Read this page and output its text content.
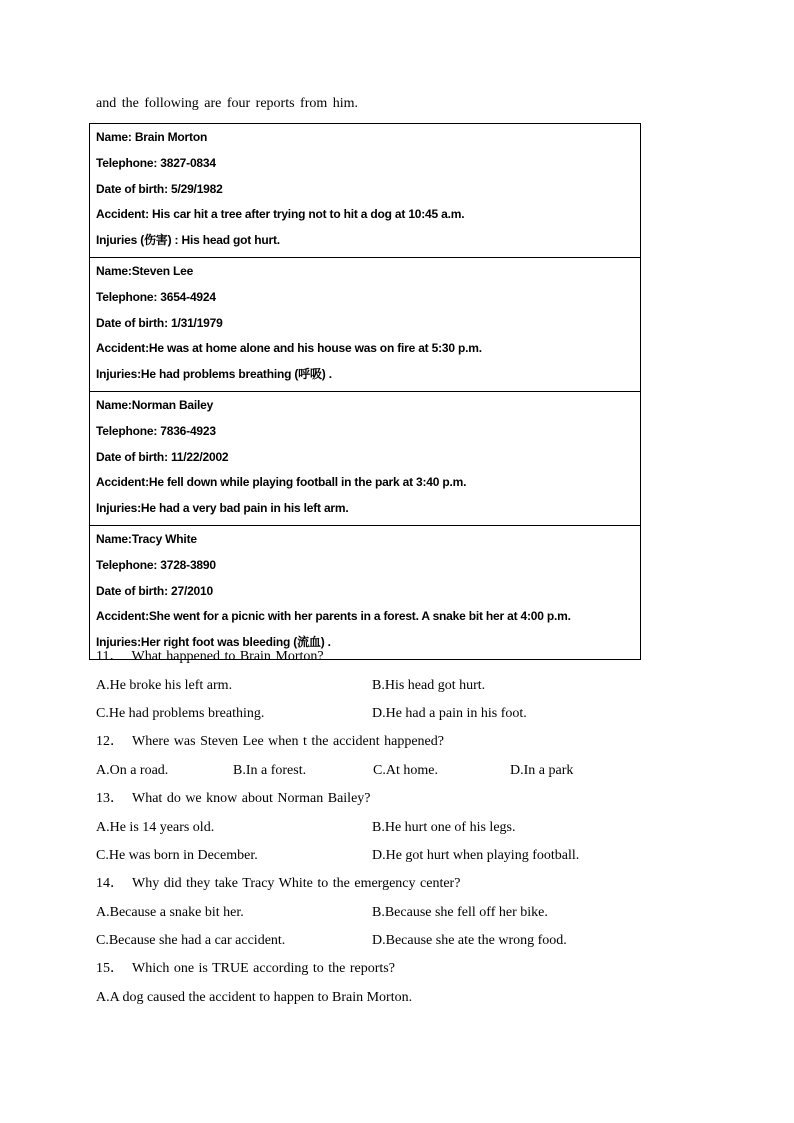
and the following are four reports from him.
Name: Brain Morton
Telephone: 3827-0834
Date of birth: 5/29/1982
Accident: His car hit a tree after trying not to hit a dog at 10:45 a.m.
Injuries (伤害) : His head got hurt.
Name:Steven Lee
Telephone: 3654-4924
Date of birth: 1/31/1979
Accident:He was at home alone and his house was on fire at 5:30 p.m.
Injuries:He had problems breathing (呼吸) .
Name:Norman Bailey
Telephone: 7836-4923
Date of birth: 11/22/2002
Accident:He fell down while playing football in the park at 3:40 p.m.
Injuries:He had a very bad pain in his left arm.
Name:Tracy White
Telephone: 3728-3890
Date of birth: 27/2010
Accident:She went for a picnic with her parents in a forest. A snake bit her at 4:00 p.m.
Injuries:Her right foot was bleeding (流血) .
11． What happened to Brain Morton?
A.He broke his left arm.	B.His head got hurt.
C.He had problems breathing.	D.He had a pain in his foot.
12． Where was Steven Lee when t the accident happened?
A.On a road.	B.In a forest.	C.At home.	D.In a park
13． What do we know about Norman Bailey?
A.He is 14 years old.	B.He hurt one of his legs.
C.He was born in December.	D.He got hurt when playing football.
14． Why did they take Tracy White to the emergency center?
A.Because a snake bit her.	B.Because she fell off her bike.
C.Because she had a car accident.	D.Because she ate the wrong food.
15． Which one is TRUE according to the reports?
A.A dog caused the accident to happen to Brain Morton.
